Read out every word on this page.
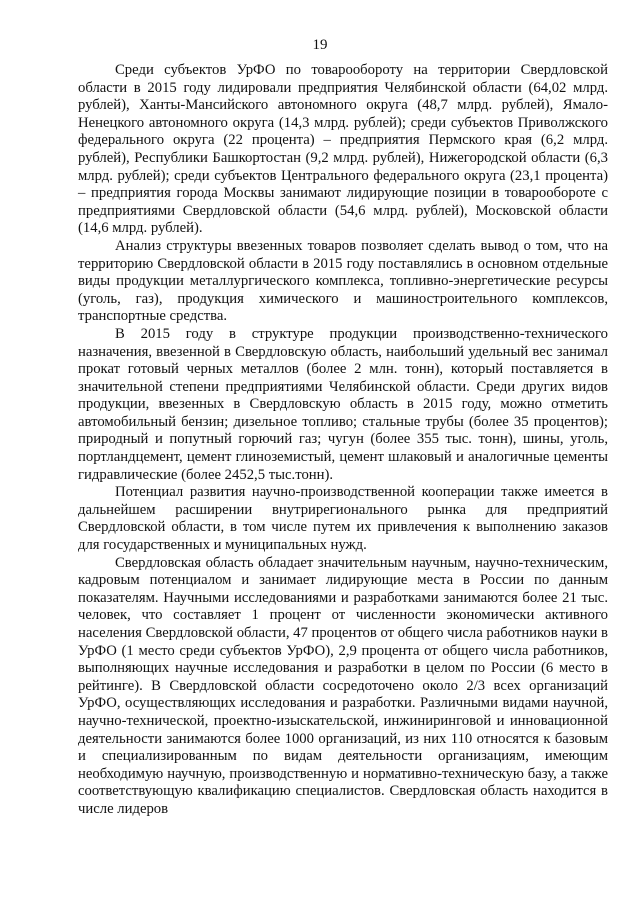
19

Среди субъектов УрФО по товарообороту на территории Свердловской области в 2015 году лидировали предприятия Челябинской области (64,02 млрд. рублей), Ханты-Мансийского автономного округа (48,7 млрд. рублей), Ямало-Ненецкого автономного округа (14,3 млрд. рублей); среди субъектов Приволжского федерального округа (22 процента) – предприятия Пермского края (6,2 млрд. рублей), Республики Башкортостан (9,2 млрд. рублей), Нижегородской области (6,3 млрд. рублей); среди субъектов Центрального федерального округа (23,1 процента) – предприятия города Москвы занимают лидирующие позиции в товарообороте с предприятиями Свердловской области (54,6 млрд. рублей), Московской области (14,6 млрд. рублей).

Анализ структуры ввезенных товаров позволяет сделать вывод о том, что на территорию Свердловской области в 2015 году поставлялись в основном отдельные виды продукции металлургического комплекса, топливно-энергетические ресурсы (уголь, газ), продукция химического и машиностроительного комплексов, транспортные средства.

В 2015 году в структуре продукции производственно-технического назначения, ввезенной в Свердловскую область, наибольший удельный вес занимал прокат готовый черных металлов (более 2 млн. тонн), который поставляется в значительной степени предприятиями Челябинской области. Среди других видов продукции, ввезенных в Свердловскую область в 2015 году, можно отметить автомобильный бензин; дизельное топливо; стальные трубы (более 35 процентов); природный и попутный горючий газ; чугун (более 355 тыс. тонн), шины, уголь, портландцемент, цемент глиноземистый, цемент шлаковый и аналогичные цементы гидравлические (более 2452,5 тыс.тонн).

Потенциал развития научно-производственной кооперации также имеется в дальнейшем расширении внутрирегионального рынка для предприятий Свердловской области, в том числе путем их привлечения к выполнению заказов для государственных и муниципальных нужд.

Свердловская область обладает значительным научным, научно-техническим, кадровым потенциалом и занимает лидирующие места в России по данным показателям. Научными исследованиями и разработками занимаются более 21 тыс. человек, что составляет 1 процент от численности экономически активного населения Свердловской области, 47 процентов от общего числа работников науки в УрФО (1 место среди субъектов УрФО), 2,9 процента от общего числа работников, выполняющих научные исследования и разработки в целом по России (6 место в рейтинге). В Свердловской области сосредоточено около 2/3 всех организаций УрФО, осуществляющих исследования и разработки. Различными видами научной, научно-технической, проектно-изыскательской, инжиниринговой и инновационной деятельности занимаются более 1000 организаций, из них 110 относятся к базовым и специализированным по видам деятельности организациям, имеющим необходимую научную, производственную и нормативно-техническую базу, а также соответствующую квалификацию специалистов. Свердловская область находится в числе лидеров
